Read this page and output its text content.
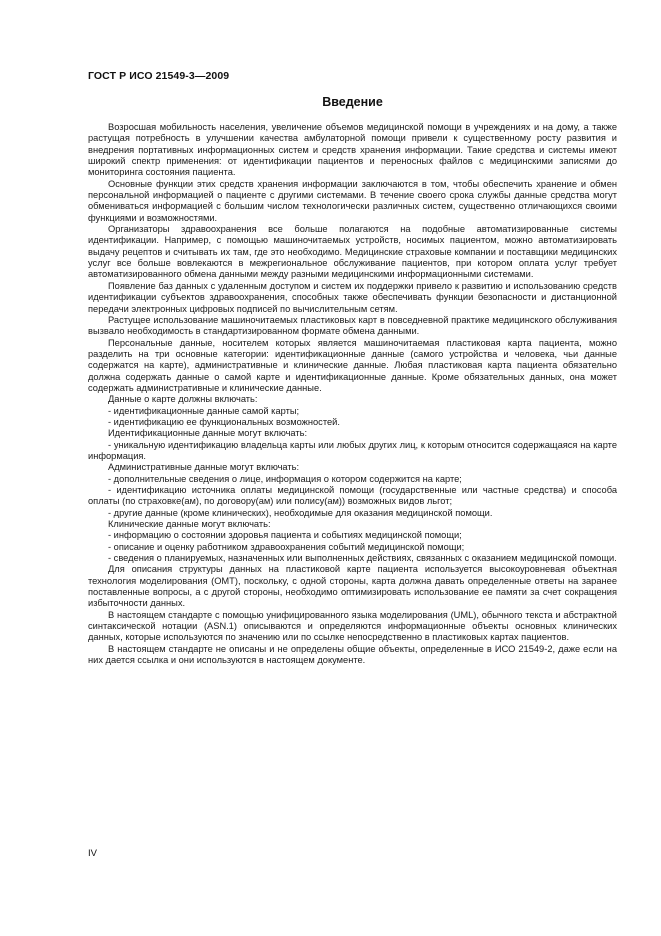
ГОСТ Р ИСО 21549-3—2009
Введение

Возросшая мобильность населения, увеличение объемов медицинской помощи в учреждениях и на дому, а также растущая потребность в улучшении качества амбулаторной помощи привели к существенному росту развития и внедрения портативных информационных систем и средств хранения информации. Такие средства и системы имеют широкий спектр применения: от идентификации пациентов и переносных файлов с медицинскими записями до мониторинга состояния пациента.

Основные функции этих средств хранения информации заключаются в том, чтобы обеспечить хранение и обмен персональной информацией о пациенте с другими системами. В течение своего срока службы данные средства могут обмениваться информацией с большим числом технологически различных систем, существенно отличающихся своими функциями и возможностями.

Организаторы здравоохранения все больше полагаются на подобные автоматизированные системы идентификации. Например, с помощью машиночитаемых устройств, носимых пациентом, можно автоматизировать выдачу рецептов и считывать их там, где это необходимо. Медицинские страховые компании и поставщики медицинских услуг все больше вовлекаются в межрегиональное обслуживание пациентов, при котором оплата услуг требует автоматизированного обмена данными между разными медицинскими информационными системами.

Появление баз данных с удаленным доступом и систем их поддержки привело к развитию и использованию средств идентификации субъектов здравоохранения, способных также обеспечивать функции безопасности и дистанционной передачи электронных цифровых подписей по вычислительным сетям.

Растущее использование машиночитаемых пластиковых карт в повседневной практике медицинского обслуживания вызвало необходимость в стандартизированном формате обмена данными.

Персональные данные, носителем которых является машиночитаемая пластиковая карта пациента, можно разделить на три основные категории: идентификационные данные (самого устройства и человека, чьи данные содержатся на карте), административные и клинические данные. Любая пластиковая карта пациента обязательно должна содержать данные о самой карте и идентификационные данные. Кроме обязательных данных, она может содержать административные и клинические данные.

Данные о карте должны включать:

- идентификационные данные самой карты;

- идентификацию ее функциональных возможностей.

Идентификационные данные могут включать:

- уникальную идентификацию владельца карты или любых других лиц, к которым относится содержащаяся на карте информация.

Административные данные могут включать:

- дополнительные сведения о лице, информация о котором содержится на карте;

- идентификацию источника оплаты медицинской помощи (государственные или частные средства) и способа оплаты (по страховке(ам), по договору(ам) или полису(ам)) возможных видов льгот;

- другие данные (кроме клинических), необходимые для оказания медицинской помощи.

Клинические данные могут включать:

- информацию о состоянии здоровья пациента и событиях медицинской помощи;

- описание и оценку работником здравоохранения событий медицинской помощи;

- сведения о планируемых, назначенных или выполненных действиях, связанных с оказанием медицинской помощи.

Для описания структуры данных на пластиковой карте пациента используется высокоуровневая объектная технология моделирования (ОМТ), поскольку, с одной стороны, карта должна давать определенные ответы на заранее поставленные вопросы, а с другой стороны, необходимо оптимизировать использование ее памяти за счет сокращения избыточности данных.

В настоящем стандарте с помощью унифицированного языка моделирования (UML), обычного текста и абстрактной синтаксической нотации (ASN.1) описываются и определяются информационные объекты основных клинических данных, которые используются по значению или по ссылке непосредственно в пластиковых картах пациентов.

В настоящем стандарте не описаны и не определены общие объекты, определенные в ИСО 21549-2, даже если на них дается ссылка и они используются в настоящем документе.

IV
